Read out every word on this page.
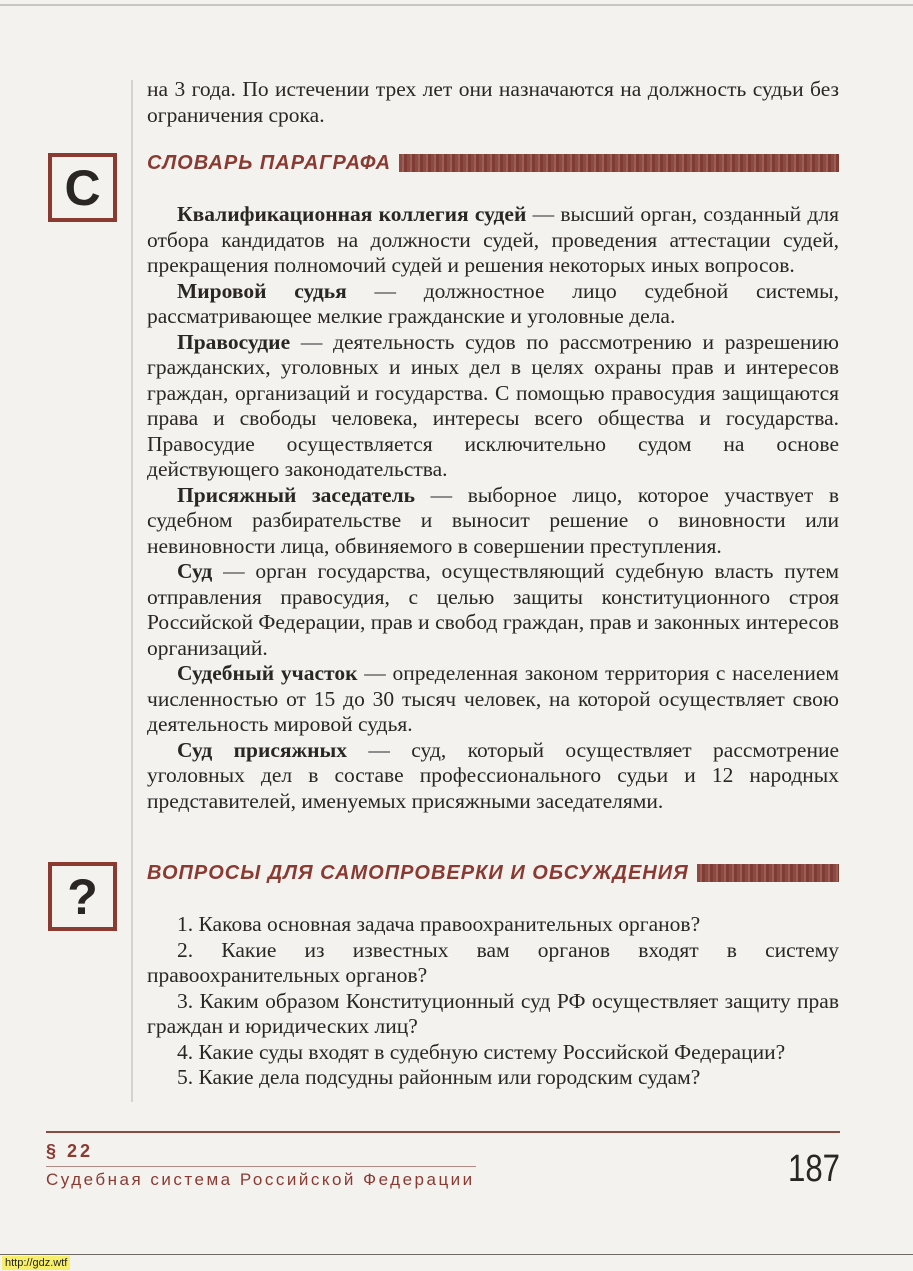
на 3 года. По истечении трех лет они назначаются на должность судьи без ограничения срока.

С СЛОВАРЬ ПАРАГРАФА

Квалификационная коллегия судей — высший орган, созданный для отбора кандидатов на должности судей, проведения аттестации судей, прекращения полномочий судей и решения некоторых иных вопросов.

Мировой судья — должностное лицо судебной системы, рассматривающее мелкие гражданские и уголовные дела.

Правосудие — деятельность судов по рассмотрению и разрешению гражданских, уголовных и иных дел в целях охраны прав и интересов граждан, организаций и государства. С помощью правосудия защищаются права и свободы человека, интересы всего общества и государства. Правосудие осуществляется исключительно судом на основе действующего законодательства.

Присяжный заседатель — выборное лицо, которое участвует в судебном разбирательстве и выносит решение о виновности или невиновности лица, обвиняемого в совершении преступления.

Суд — орган государства, осуществляющий судебную власть путем отправления правосудия, с целью защиты конституционного строя Российской Федерации, прав и свобод граждан, прав и законных интересов организаций.

Судебный участок — определенная законом территория с населением численностью от 15 до 30 тысяч человек, на которой осуществляет свою деятельность мировой судья.

Суд присяжных — суд, который осуществляет рассмотрение уголовных дел в составе профессионального судьи и 12 народных представителей, именуемых присяжными заседателями.

? ВОПРОСЫ ДЛЯ САМОПРОВЕРКИ И ОБСУЖДЕНИЯ

1. Какова основная задача правоохранительных органов?

2. Какие из известных вам органов входят в систему правоохранительных органов?

3. Каким образом Конституционный суд РФ осуществляет защиту прав граждан и юридических лиц?

4. Какие суды входят в судебную систему Российской Федерации?

5. Какие дела подсудны районным или городским судам?

§ 22
Судебная система Российской Федерации	187
http://gdz.wtf
